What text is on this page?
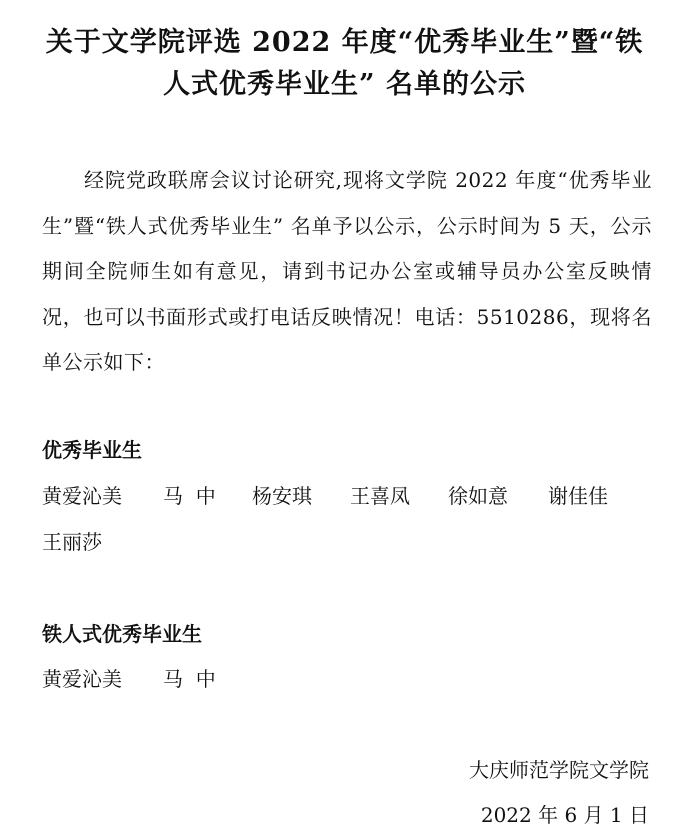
关于文学院评选 2022 年度“优秀毕业生”暨“铁
人式优秀毕业生” 名单的公示

经院党政联席会议讨论研究,现将文学院 2022 年度“优秀毕业生”暨“铁人式优秀毕业生” 名单予以公示，公示时间为 5 天，公示期间全院师生如有意见，请到书记办公室或辅导员办公室反映情况，也可以书面形式或打电话反映情况！电话：5510286，现将名单公示如下：

优秀毕业生
黄爱沁美 马  中 杨安琪 王喜凤 徐如意 谢佳佳
王丽莎
铁人式优秀毕业生
黄爱沁美 马  中

大庆师范学院文学院

2022 年 6 月 1 日
